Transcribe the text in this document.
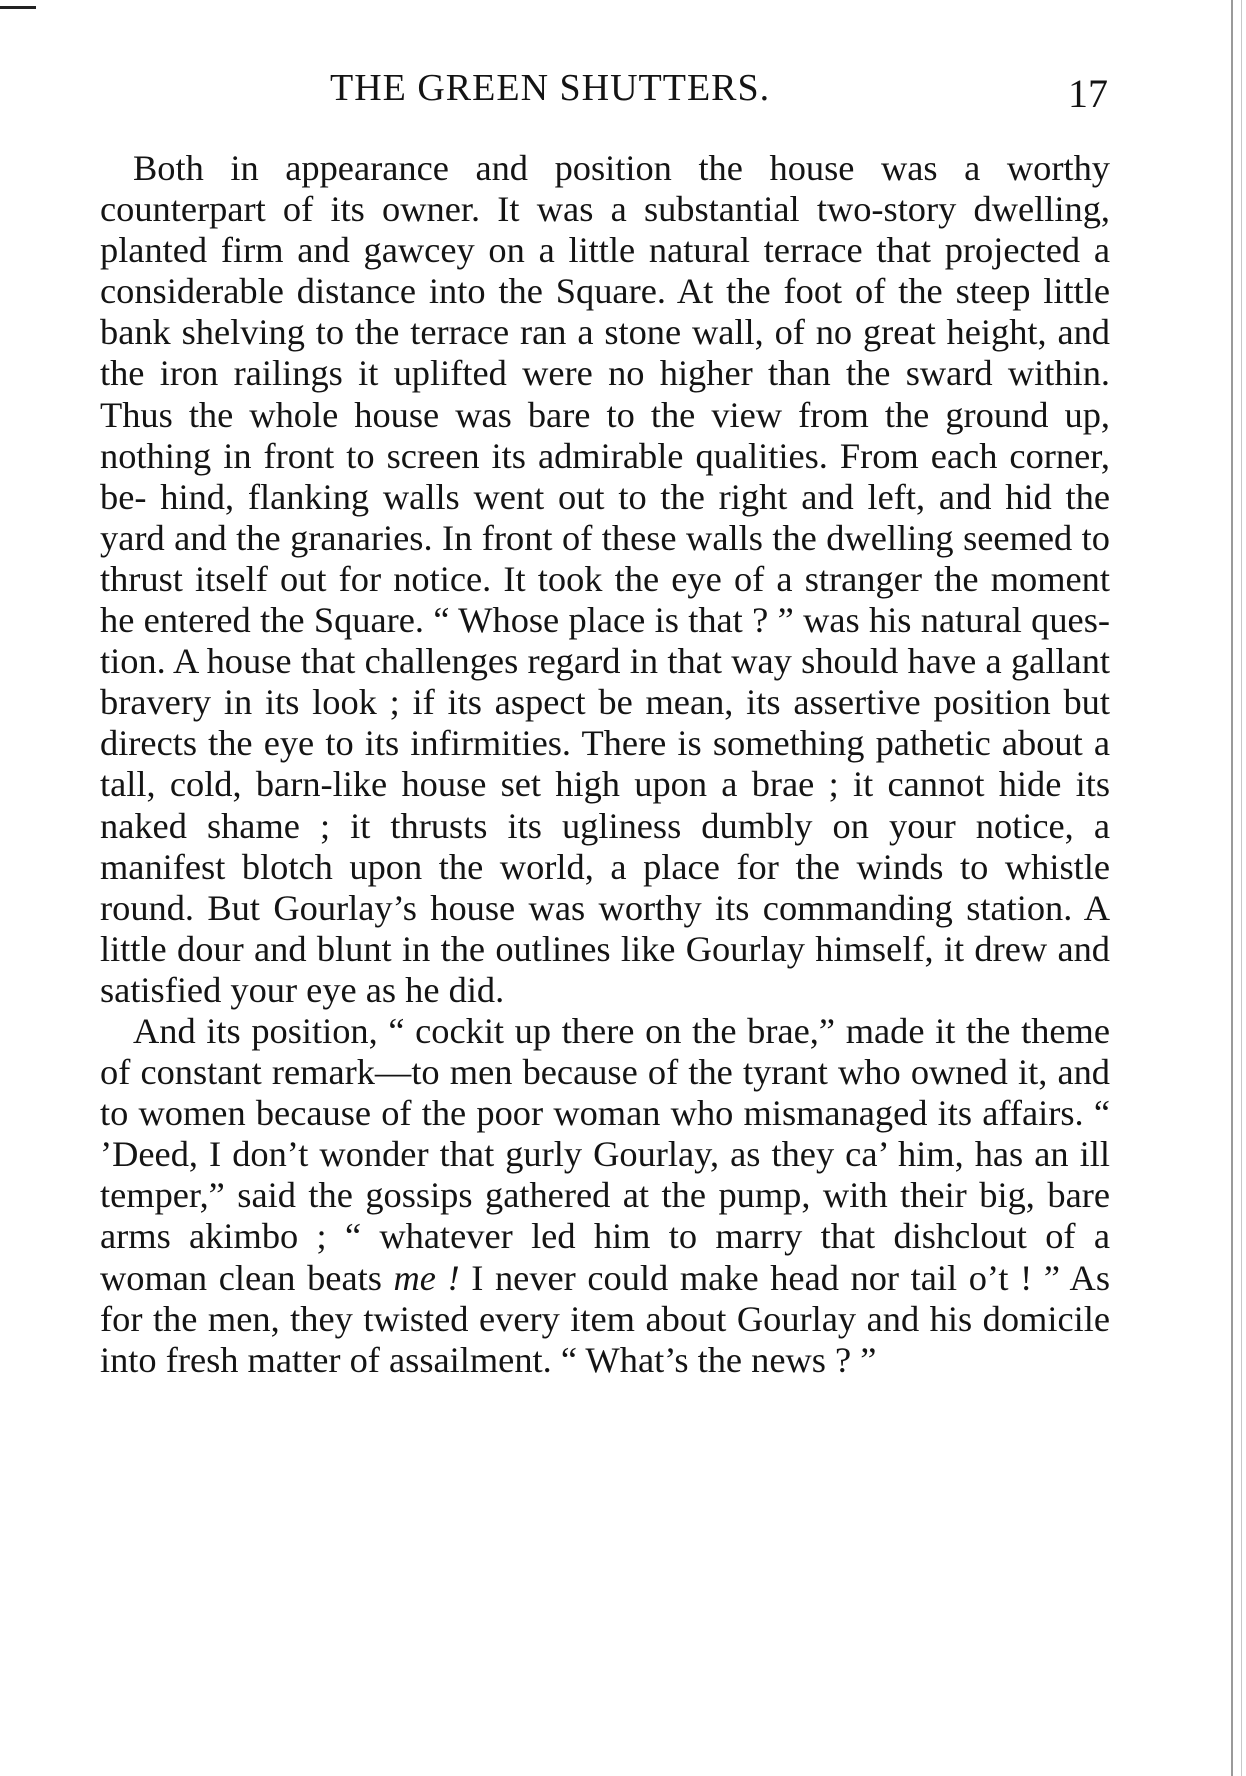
THE GREEN SHUTTERS.	17

Both in appearance and position the house was a worthy counterpart of its owner. It was a substantial two-story dwelling, planted firm and gawcey on a little natural terrace that projected a considerable distance into the Square. At the foot of the steep little bank shelving to the terrace ran a stone wall, of no great height, and the iron railings it uplifted were no higher than the sward within. Thus the whole house was bare to the view from the ground up, nothing in front to screen its admirable qualities. From each corner, be- hind, flanking walls went out to the right and left, and hid the yard and the granaries. In front of these walls the dwelling seemed to thrust itself out for notice. It took the eye of a stranger the moment he entered the Square. “ Whose place is that ? ” was his natural ques- tion. A house that challenges regard in that way should have a gallant bravery in its look ; if its aspect be mean, its assertive position but directs the eye to its infirmities. There is something pathetic about a tall, cold, barn-like house set high upon a brae ; it cannot hide its naked shame ; it thrusts its ugliness dumbly on your notice, a manifest blotch upon the world, a place for the winds to whistle round. But Gourlay’s house was worthy its commanding station. A little dour and blunt in the outlines like Gourlay himself, it drew and satisfied your eye as he did.

And its position, “ cockit up there on the brae,” made it the theme of constant remark—to men because of the tyrant who owned it, and to women because of the poor woman who mismanaged its affairs. “ ’Deed, I don’t wonder that gurly Gourlay, as they ca’ him, has an ill temper,” said the gossips gathered at the pump, with their big, bare arms akimbo ; “ whatever led him to marry that dishclout of a woman clean beats me ! I never could make head nor tail o’t ! ” As for the men, they twisted every item about Gourlay and his domicile into fresh matter of assailment. “ What’s the news ? ”
